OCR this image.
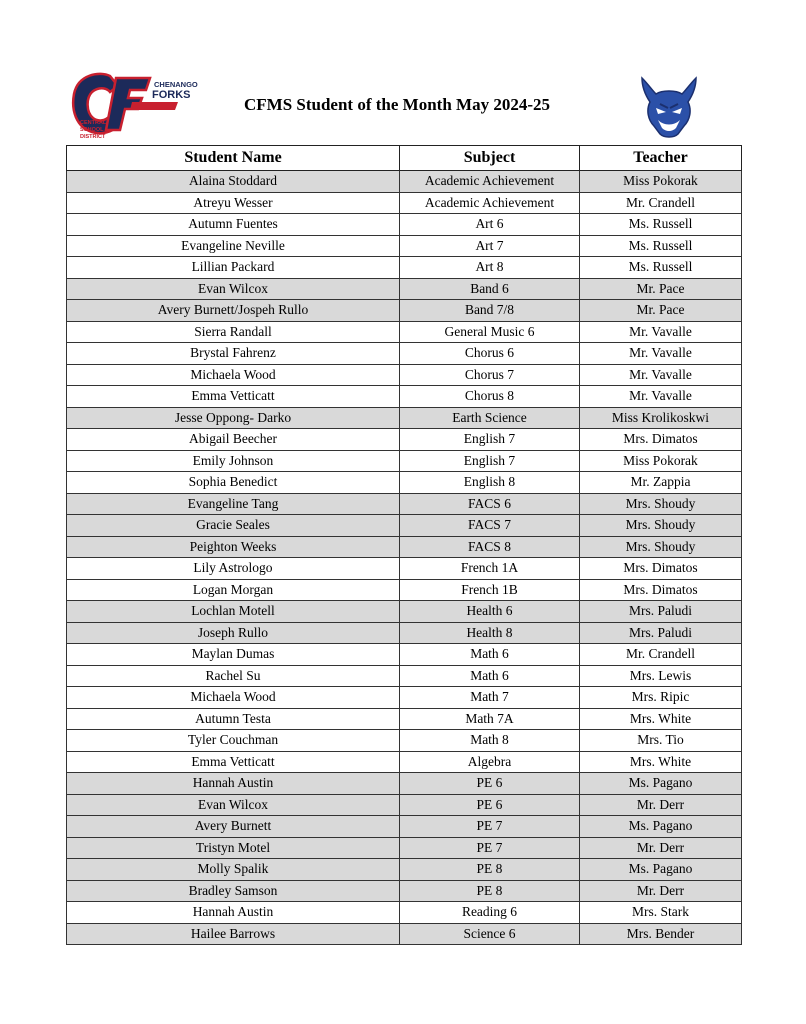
CHENANGO
FORKS
CENTRAL
SCHOOL
DISTRICT
CFMS Student of the Month May 2024-25
Student Name	Subject	Teacher
Alaina Stoddard	Academic Achievement	Miss Pokorak
Atreyu Wesser	Academic Achievement	Mr. Crandell
Autumn Fuentes	Art 6	Ms. Russell
Evangeline Neville	Art 7	Ms. Russell
Lillian Packard	Art 8	Ms. Russell
Evan Wilcox	Band 6	Mr. Pace
Avery Burnett/Jospeh Rullo	Band 7/8	Mr. Pace
Sierra Randall	General Music 6	Mr. Vavalle
Brystal Fahrenz	Chorus 6	Mr. Vavalle
Michaela Wood	Chorus 7	Mr. Vavalle
Emma Vetticatt	Chorus 8	Mr. Vavalle
Jesse Oppong- Darko	Earth Science	Miss Krolikoskwi
Abigail Beecher	English 7	Mrs. Dimatos
Emily Johnson	English 7	Miss Pokorak
Sophia Benedict	English 8	Mr. Zappia
Evangeline Tang	FACS 6	Mrs. Shoudy
Gracie Seales	FACS 7	Mrs. Shoudy
Peighton Weeks	FACS 8	Mrs. Shoudy
Lily Astrologo	French 1A	Mrs. Dimatos
Logan Morgan	French 1B	Mrs. Dimatos
Lochlan Motell	Health 6	Mrs. Paludi
Joseph Rullo	Health 8	Mrs. Paludi
Maylan Dumas	Math 6	Mr. Crandell
Rachel Su	Math 6	Mrs. Lewis
Michaela Wood	Math 7	Mrs. Ripic
Autumn Testa	Math 7A	Mrs. White
Tyler Couchman	Math 8	Mrs. Tio
Emma Vetticatt	Algebra	Mrs. White
Hannah Austin	PE 6	Ms. Pagano
Evan Wilcox	PE 6	Mr. Derr
Avery Burnett	PE 7	Ms. Pagano
Tristyn Motel	PE 7	Mr. Derr
Molly Spalik	PE 8	Ms. Pagano
Bradley Samson	PE 8	Mr. Derr
Hannah Austin	Reading 6	Mrs. Stark
Hailee Barrows	Science 6	Mrs. Bender
